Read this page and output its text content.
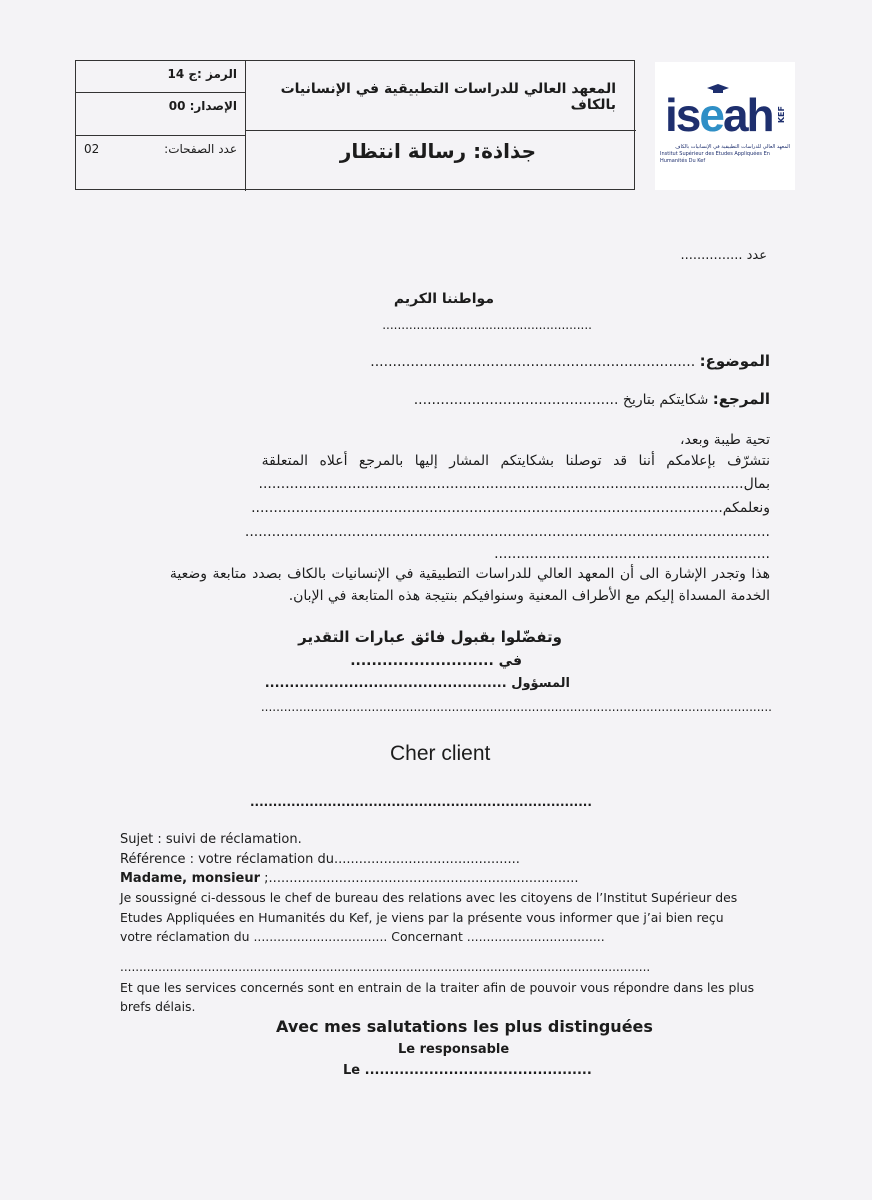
الرمز :ج 14
الإصدار: 00
عدد الصفحات:
02
المعهد العالي للدراسات التطبيقية في الإنسانيات بالكاف
جذاذة: رسالة انتظار
iseah KEF
المعهد العالي للدراسات التطبيقية في الإنسانيات بالكاف
Institut Supérieur des Etudes Appliquées En Humanités Du Kef
عدد ...............
مواطننا الكريم
.......................................................
الموضوع: .........................................................................
المرجع: شكايتكم بتاريخ ..............................................
تحية طيبة وبعد،
نتشرّف بإعلامكم أننا قد توصلنا بشكايتكم المشار إليها بالمرجع أعلاه المتعلقة
بمال.............................................................................................................
ونعلمكم..........................................................................................................
......................................................................................................................
..............................................................
هذا وتجدر الإشارة الى أن المعهد العالي للدراسات التطبيقية في الإنسانيات بالكاف بصدد متابعة وضعية
الخدمة المسداة إليكم مع الأطراف المعنية وسنوافيكم بنتيجة هذه المتابعة في الإبان.
وتفضّلوا بقبول فائق عبارات التقدير
في ...........................
المسؤول .................................................
......................................................................................................................................
Cher client
...........................................................................
Sujet : suivi de réclamation.
Référence : votre réclamation du.............................................
Madame, monsieur ;...........................................................................
Je soussigné ci-dessous le chef de bureau des relations avec les citoyens de l’Institut Supérieur des
Etudes Appliquées en Humanités du Kef, je viens par la présente vous informer que j’ai bien reçu
votre réclamation du .................................. Concernant ...................................
...........................................................................................................................................
Et que les services concernés sont en entrain de la traiter afin de pouvoir vous répondre dans les plus
brefs délais.
Avec mes salutations les plus distinguées
Le responsable
Le ..............................................
